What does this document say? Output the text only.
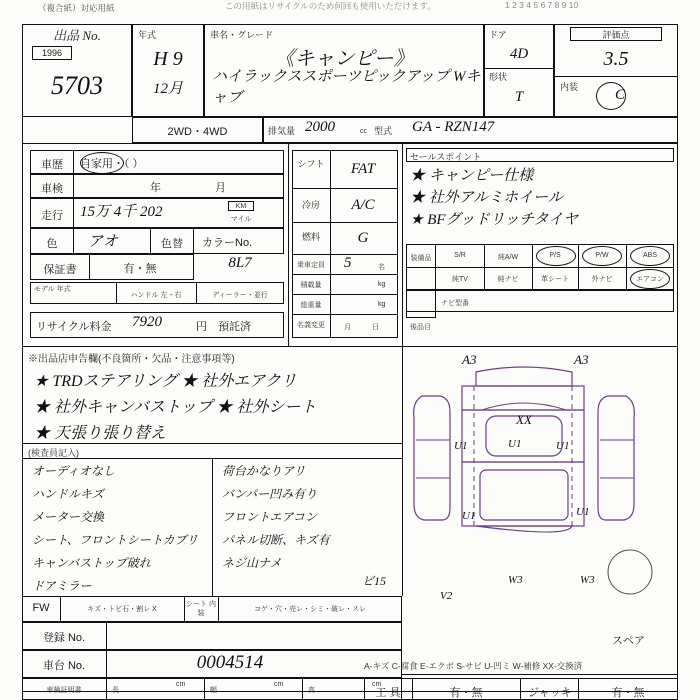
（複合紙）対応用紙	この用紙はリサイクルのため何回も使用いただけます。	1 2 3 4 5 6 7 8 9 10
出品 No.
1996
5703
年式
H 9
12月
車名・グレード
《キャンピー》
ハイラックススポーツピックアップ Wキャブ
ドア
4D
形状
T
評価点
3.5
内装	C
2WD・4WD	排気量 2000	cc 型式 GA - RZN147
車歴	自家用・（ ）
車検	年	月
走行	15万 4千 202	KM
マイル
色	アオ	色替	カラーNo.
8L7
保証書	有・無
モデル 年式
ハンドル 左・右	ディーラー・並行
リサイクル料金 7920	円 預託済
シフト	FAT
冷房	A/C
燃料	G
乗車定員	5	名
積載量	kg
総重量	kg
名義変更	月	日
セールスポイント
★ キャンピー仕様
★ 社外アルミホイール
★ BFグッドリッチタイヤ
装備品	S/R	純A/W	P/S	P/W	ABS
純TV	純ナビ	革シート	外ナビ	エアコン
ナビ型番
後品目
※出品店申告欄(不良箇所・欠品・注意事項等)
★ TRDステアリング ★ 社外エアクリ
★ 社外キャンバストップ ★ 社外シート
★ 天張り張り替え
(検査員記入)
オーディオなし
ハンドルキズ
メーター交換
シート、フロントシートカブリ
キャンバストップ破れ
ドアミラー
荷台かなりアリ
バンパー凹み有り
フロントエアコン
パネル切断、キズ有
ネジ山ナメ
A3	A3
XX
U1	U1	U1
U1	U1
W3	W3
V2
ビ15
スペア
FW	キズ・トビ石・割レ X
シート 内装
コゲ・穴・売レ・シミ・破レ・スレ
登録 No.
車台 No.	0004514
車検証明書	長
cm
幅
cm
高
cm
A-キズ C-腐食 E-エクボ S-サビ U-凹ミ W-補修 XX-交換済
工 具	有・無	ジャッキ	有・無
